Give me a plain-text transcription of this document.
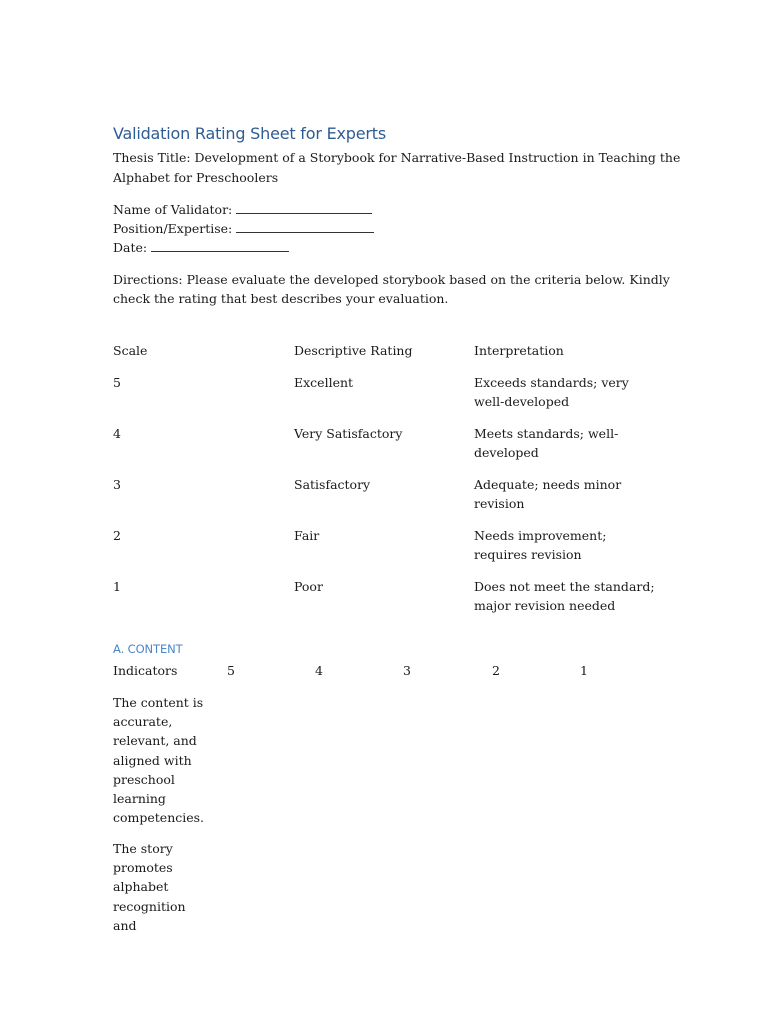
Validation Rating Sheet for Experts

Thesis Title: Development of a Storybook for Narrative-Based Instruction in Teaching the

Alphabet for Preschoolers

Name of Validator:

Position/Expertise:

Date:

Directions: Please evaluate the developed storybook based on the criteria below. Kindly

check the rating that best describes your evaluation.

Scale	Descriptive Rating	Interpretation

5	Excellent	Exceeds standards; very

well-developed

4	Very Satisfactory	Meets standards; well-

developed

3	Satisfactory	Adequate; needs minor

revision

2	Fair	Needs improvement;

requires revision

1	Poor	Does not meet the standard;

major revision needed

A. CONTENT

Indicators	5	4	3	2	1

The content is
accurate,
relevant, and
aligned with
preschool
learning
competencies.
The story
promotes
alphabet
recognition and
